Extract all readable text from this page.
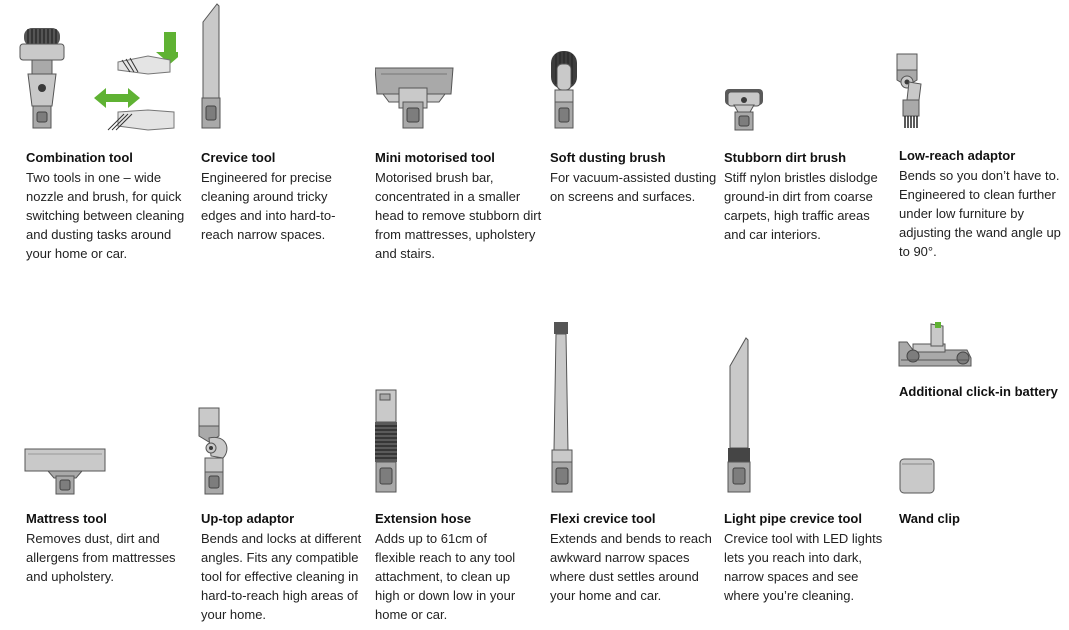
Combination tool

Two tools in one – wide nozzle and brush, for quick switching between cleaning and dusting tasks around your home or car.

Crevice tool

Engineered for precise cleaning around tricky edges and into hard-to-reach narrow spaces.

Mini motorised tool

Motorised brush bar, concentrated in a smaller head to remove stubborn dirt from mattresses, upholstery and stairs.

Soft dusting brush

For vacuum-assisted dusting on screens and surfaces.

Stubborn dirt brush

Stiff nylon bristles dislodge ground-in dirt from coarse carpets, high traffic areas and car interiors.

Low-reach adaptor

Bends so you don’t have to. Engineered to clean further under low furniture by adjusting the wand angle up to 90°.

Mattress tool

Removes dust, dirt and allergens from mattresses and upholstery.

Up-top adaptor

Bends and locks at different angles. Fits any compatible tool for effective cleaning in hard-to-reach high areas of your home.

Extension hose

Adds up to 61cm of flexible reach to any tool attachment, to clean up high or down low in your home or car.

Flexi crevice tool

Extends and bends to reach awkward narrow spaces where dust settles around your home and car.

Light pipe crevice tool

Crevice tool with LED lights lets you reach into dark, narrow spaces and see where you’re cleaning.

Additional click-in battery
Wand clip
